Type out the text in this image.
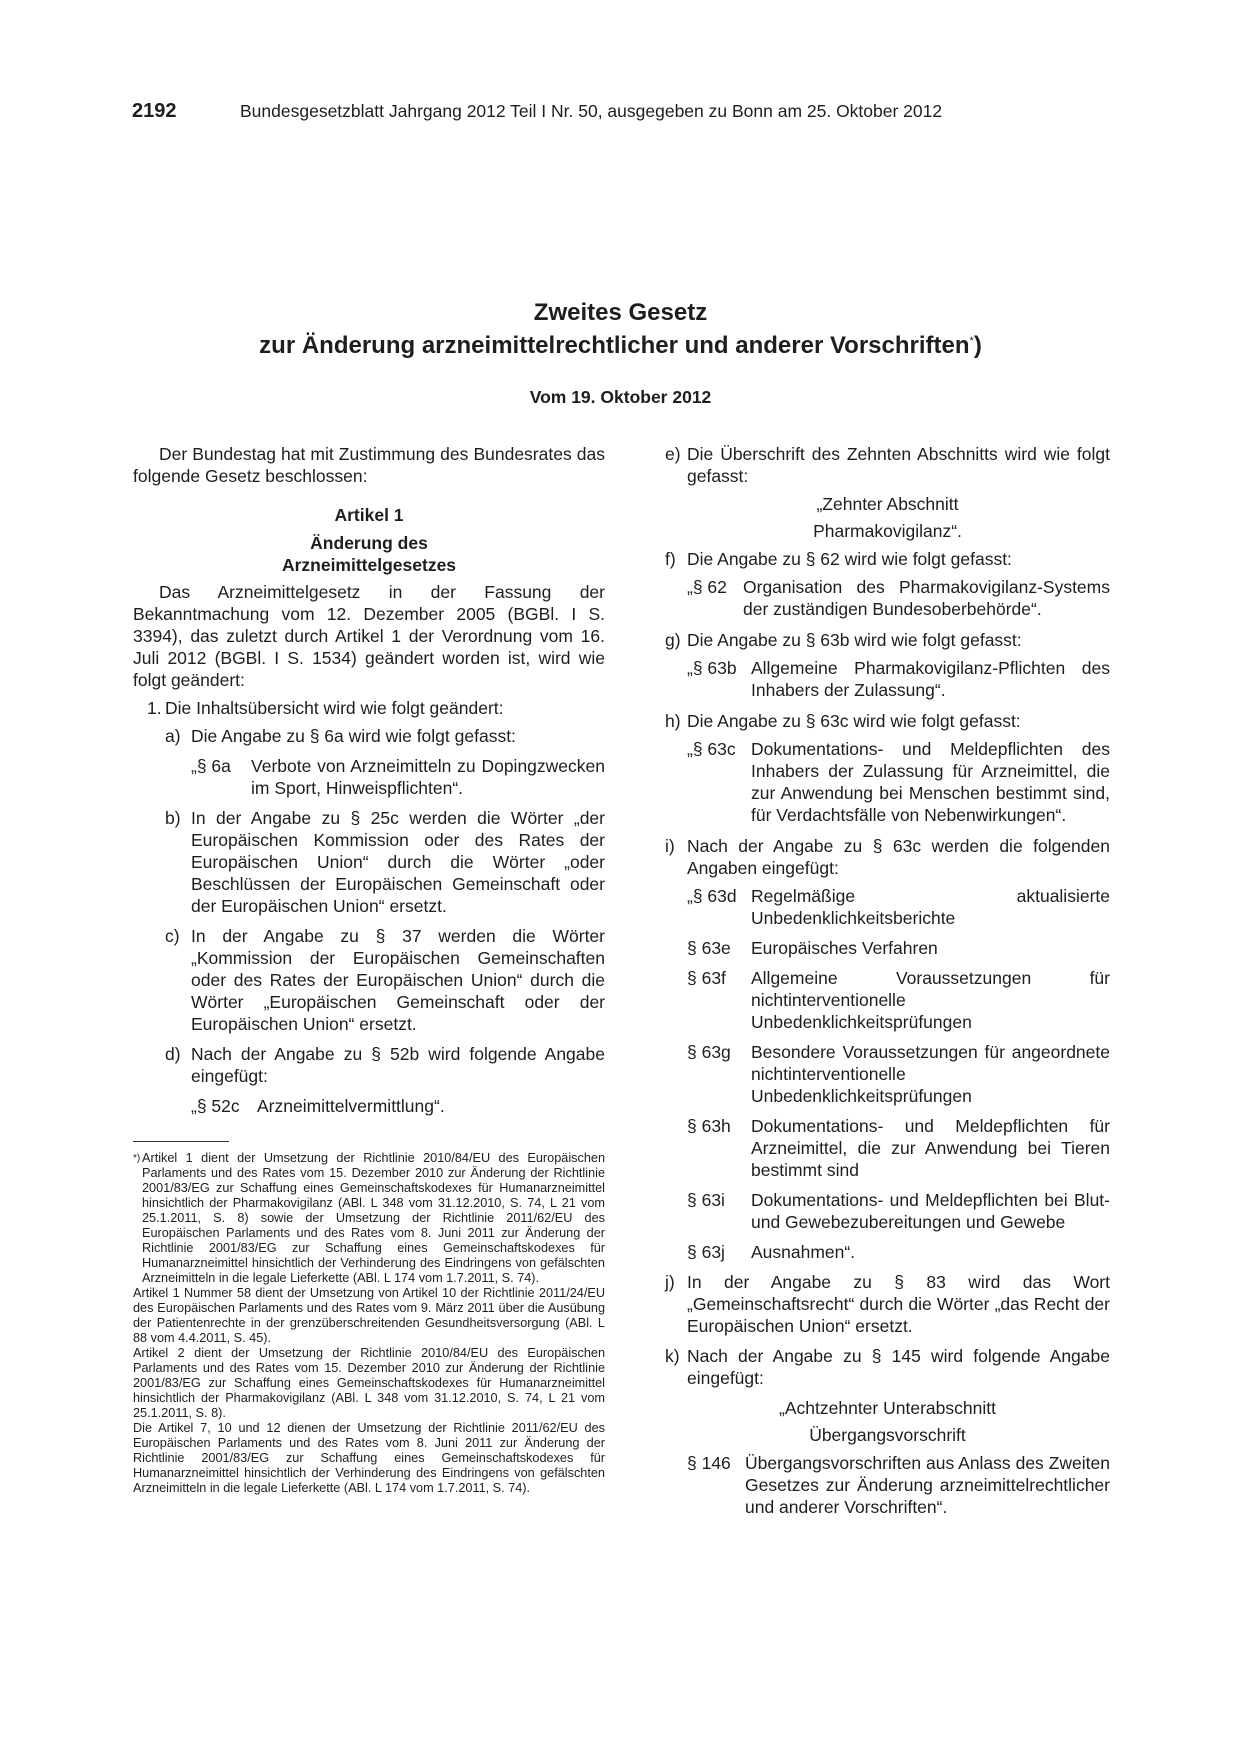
2192	Bundesgesetzblatt Jahrgang 2012 Teil I Nr. 50, ausgegeben zu Bonn am 25. Oktober 2012
Zweites Gesetz
zur Änderung arzneimittelrechtlicher und anderer Vorschriften*)
Vom 19. Oktober 2012

Der Bundestag hat mit Zustimmung des Bundesrates das folgende Gesetz beschlossen:

Artikel 1

Änderung des

Arzneimittelgesetzes

Das Arzneimittelgesetz in der Fassung der Bekanntmachung vom 12. Dezember 2005 (BGBl. I S. 3394), das zuletzt durch Artikel 1 der Verordnung vom 16. Juli 2012 (BGBl. I S. 1534) geändert worden ist, wird wie folgt geändert:

1. Die Inhaltsübersicht wird wie folgt geändert:
a) Die Angabe zu § 6a wird wie folgt gefasst:
„§ 6a	Verbote von Arzneimitteln zu Dopingzwecken im Sport, Hinweispflichten“.
b) In der Angabe zu § 25c werden die Wörter „der Europäischen Kommission oder des Rates der Europäischen Union“ durch die Wörter „oder Beschlüssen der Europäischen Gemeinschaft oder der Europäischen Union“ ersetzt.
c) In der Angabe zu § 37 werden die Wörter „Kommission der Europäischen Gemeinschaften oder des Rates der Europäischen Union“ durch die Wörter „Europäischen Gemeinschaft oder der Europäischen Union“ ersetzt.
d) Nach der Angabe zu § 52b wird folgende Angabe eingefügt:
„§ 52c Arzneimittelvermittlung“.
*) Artikel 1 dient der Umsetzung der Richtlinie 2010/84/EU des Europäischen Parlaments und des Rates vom 15. Dezember 2010 zur Änderung der Richtlinie 2001/83/EG zur Schaffung eines Gemeinschaftskodexes für Humanarzneimittel hinsichtlich der Pharmakovigilanz (ABl. L 348 vom 31.12.2010, S. 74, L 21 vom 25.1.2011, S. 8) sowie der Umsetzung der Richtlinie 2011/62/EU des Europäischen Parlaments und des Rates vom 8. Juni 2011 zur Änderung der Richtlinie 2001/83/EG zur Schaffung eines Gemeinschaftskodexes für Humanarzneimittel hinsichtlich der Verhinderung des Eindringens von gefälschten Arzneimitteln in die legale Lieferkette (ABl. L 174 vom 1.7.2011, S. 74).

Artikel 1 Nummer 58 dient der Umsetzung von Artikel 10 der Richtlinie 2011/24/EU des Europäischen Parlaments und des Rates vom 9. März 2011 über die Ausübung der Patientenrechte in der grenzüberschreitenden Gesundheitsversorgung (ABl. L 88 vom 4.4.2011, S. 45).

Artikel 2 dient der Umsetzung der Richtlinie 2010/84/EU des Europäischen Parlaments und des Rates vom 15. Dezember 2010 zur Änderung der Richtlinie 2001/83/EG zur Schaffung eines Gemeinschaftskodexes für Humanarzneimittel hinsichtlich der Pharmakovigilanz (ABl. L 348 vom 31.12.2010, S. 74, L 21 vom 25.1.2011, S. 8).

Die Artikel 7, 10 und 12 dienen der Umsetzung der Richtlinie 2011/62/EU des Europäischen Parlaments und des Rates vom 8. Juni 2011 zur Änderung der Richtlinie 2001/83/EG zur Schaffung eines Gemeinschaftskodexes für Humanarzneimittel hinsichtlich der Verhinderung des Eindringens von gefälschten Arzneimitteln in die legale Lieferkette (ABl. L 174 vom 1.7.2011, S. 74).

e) Die Überschrift des Zehnten Abschnitts wird wie folgt gefasst:

„Zehnter Abschnitt

Pharmakovigilanz“.

f) Die Angabe zu § 62 wird wie folgt gefasst:
„§ 62 Organisation des Pharmakovigilanz-Systems der zuständigen Bundesoberbehörde“.
g) Die Angabe zu § 63b wird wie folgt gefasst:
„§ 63b Allgemeine Pharmakovigilanz-Pflichten des Inhabers der Zulassung“.
h) Die Angabe zu § 63c wird wie folgt gefasst:
„§ 63c Dokumentations- und Meldepflichten des Inhabers der Zulassung für Arzneimittel, die zur Anwendung bei Menschen bestimmt sind, für Verdachtsfälle von Nebenwirkungen“.
i) Nach der Angabe zu § 63c werden die folgenden Angaben eingefügt:
„§ 63d Regelmäßige aktualisierte Unbedenklichkeitsberichte
§ 63e	Europäisches Verfahren
§ 63f	Allgemeine Voraussetzungen für nichtinterventionelle Unbedenklichkeitsprüfungen
§ 63g	Besondere Voraussetzungen für angeordnete nichtinterventionelle Unbedenklichkeitsprüfungen
§ 63h	Dokumentations- und Meldepflichten für Arzneimittel, die zur Anwendung bei Tieren bestimmt sind
§ 63i	Dokumentations- und Meldepflichten bei Blut- und Gewebezubereitungen und Gewebe
§ 63j	Ausnahmen“.
j) In der Angabe zu § 83 wird das Wort „Gemeinschaftsrecht“ durch die Wörter „das Recht der Europäischen Union“ ersetzt.
k) Nach der Angabe zu § 145 wird folgende Angabe eingefügt:

„Achtzehnter Unterabschnitt

Übergangsvorschrift

§ 146 Übergangsvorschriften aus Anlass des Zweiten Gesetzes zur Änderung arzneimittelrechtlicher und anderer Vorschriften“.
